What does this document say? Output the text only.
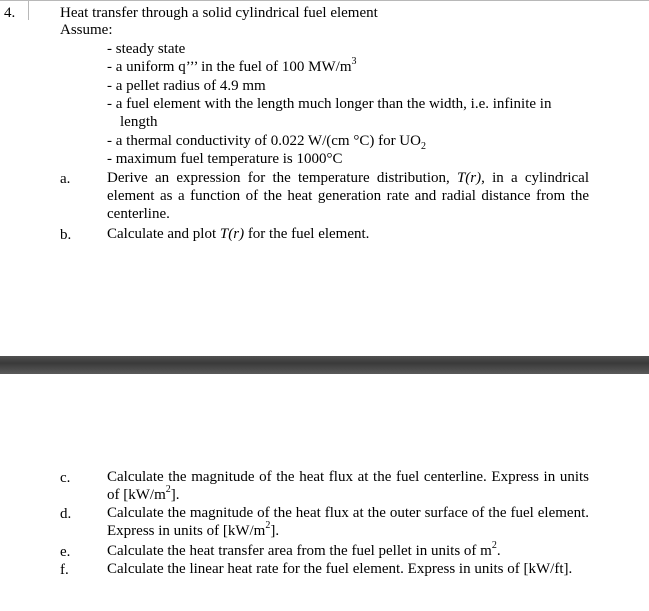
4.	Heat transfer through a solid cylindrical fuel element
Assume:
- steady state
- a uniform q’’’ in the fuel of 100 $MW/m^3$
- a pellet radius of 4.9 mm
- a fuel element with the length much longer than the width, i.e. infinite in
length
- a thermal conductivity of 0.022 W/(cm °C) for $UO_2$
- maximum fuel temperature is 1000°C
a. Derive an expression for the temperature distribution, T(r), in a cylindrical element as a function of the heat generation rate and radial distance from the centerline.
b. Calculate and plot T(r) for the fuel element.
c. Calculate the magnitude of the heat flux at the fuel centerline. Express in units of $[kW/m^2]$.
d. Calculate the magnitude of the heat flux at the outer surface of the fuel element. Express in units of $[kW/m^2]$.
e. Calculate the heat transfer area from the fuel pellet in units of $m^2$.
f.	Calculate the linear heat rate for the fuel element. Express in units of [kW/ft].
